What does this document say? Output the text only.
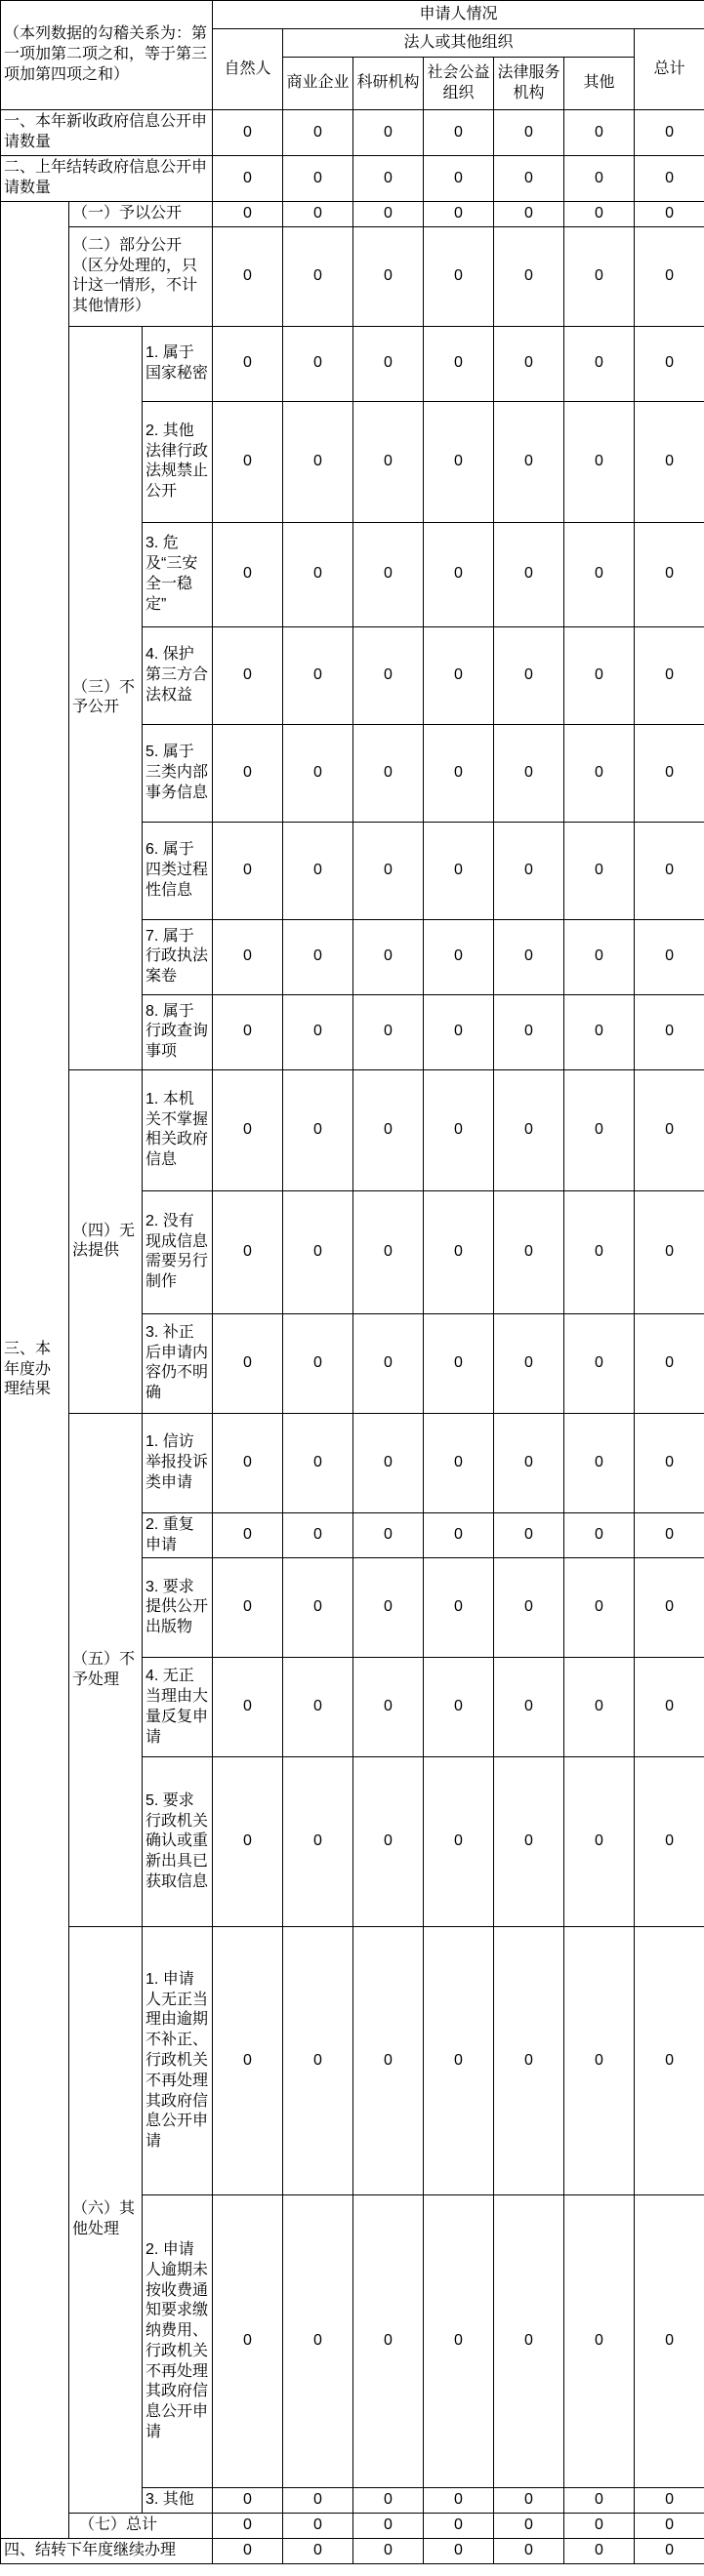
（本列数据的勾稽关系为：第一项加第二项之和，等于第三项加第四项之和）			申请人情况						
			自然人	法人或其他组织					总计
				商业企业	科研机构	社会公益组织	法律服务机构	其他	
一、本年新收政府信息公开申请数量			0	0	0	0	0	0	0
二、上年结转政府信息公开申请数量			0	0	0	0	0	0	0
三、本年度办理结果	（一）予以公开		0	0	0	0	0	0	0
	（二）部分公开（区分处理的，只计这一情形，不计其他情形）		0	0	0	0	0	0	0
	（三）不予公开	1. 属于国家秘密	0	0	0	0	0	0	0
		2. 其他法律行政法规禁止公开	0	0	0	0	0	0	0
		3. 危及“三安全一稳定”	0	0	0	0	0	0	0
		4. 保护第三方合法权益	0	0	0	0	0	0	0
		5. 属于三类内部事务信息	0	0	0	0	0	0	0
		6. 属于四类过程性信息	0	0	0	0	0	0	0
		7. 属于行政执法案卷	0	0	0	0	0	0	0
		8. 属于行政查询事项	0	0	0	0	0	0	0
	（四）无法提供	1. 本机关不掌握相关政府信息	0	0	0	0	0	0	0
		2. 没有现成信息需要另行制作	0	0	0	0	0	0	0
		3. 补正后申请内容仍不明确	0	0	0	0	0	0	0
	（五）不予处理	1. 信访举报投诉类申请	0	0	0	0	0	0	0
		2. 重复申请	0	0	0	0	0	0	0
		3. 要求提供公开出版物	0	0	0	0	0	0	0
		4. 无正当理由大量反复申请	0	0	0	0	0	0	0
		5. 要求行政机关确认或重新出具已获取信息	0	0	0	0	0	0	0
	（六）其他处理	1. 申请人无正当理由逾期不补正、行政机关不再处理其政府信息公开申请	0	0	0	0	0	0	0
		2. 申请人逾期未按收费通知要求缴纳费用、行政机关不再处理其政府信息公开申请	0	0	0	0	0	0	0
		3. 其他	0	0	0	0	0	0	0
	（七）总计		0	0	0	0	0	0	0
四、结转下年度继续办理			0	0	0	0	0	0	0
